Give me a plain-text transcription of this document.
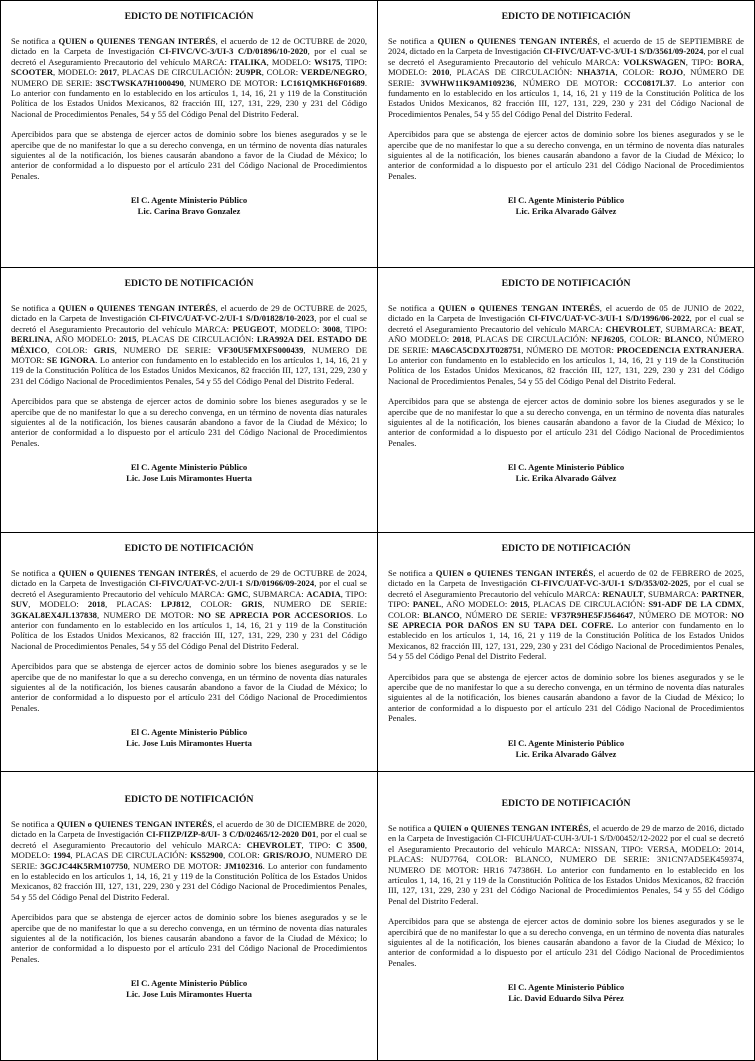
EDICTO DE NOTIFICACIÓN

Se notifica a QUIEN o QUIENES TENGAN INTERÉS, el acuerdo de 12 de OCTUBRE de 2020, dictado en la Carpeta de Investigación CI-FIVC/VC-3/UI-3 C/D/01896/10-2020, por el cual se decretó el Aseguramiento Precautorio del vehículo MARCA: ITALIKA, MODELO: WS175, TIPO: SCOOTER, MODELO: 2017, PLACAS DE CIRCULACIÓN: 2U9PR, COLOR: VERDE/NEGRO, NUMERO DE SERIE: 3SCTWSKA7H1000490, NUMERO DE MOTOR: LC161QMKH6F01689. Lo anterior con fundamento en lo establecido en los artículos 1, 14, 16, 21 y 119 de la Constitución Política de los Estados Unidos Mexicanos, 82 fracción III, 127, 131, 229, 230 y 231 del Código Nacional de Procedimientos Penales, 54 y 55 del Código Penal del Distrito Federal.

Apercibidos para que se abstenga de ejercer actos de dominio sobre los bienes asegurados y se le apercibe que de no manifestar lo que a su derecho convenga, en un término de noventa días naturales siguientes al de la notificación, los bienes causarán abandono a favor de la Ciudad de México; lo anterior de conformidad a lo dispuesto por el artículo 231 del Código Nacional de Procedimientos Penales.

El C. Agente Ministerio Público
Lic. Carina Bravo Gonzalez
EDICTO DE NOTIFICACIÓN

Se notifica a QUIEN o QUIENES TENGAN INTERÉS, el acuerdo de 15 de SEPTIEMBRE de 2024, dictado en la Carpeta de Investigación CI-FIVC/UAT-VC-3/UI-1 S/D/3561/09-2024, por el cual se decretó el Aseguramiento Precautorio del vehículo MARCA: VOLKSWAGEN, TIPO: BORA, MODELO: 2010, PLACAS DE CIRCULACIÓN: NHA371A, COLOR: ROJO, NÚMERO DE SERIE: 3VWHW11K9AM109236, NÚMERO DE MOTOR: CCC0817L37. Lo anterior con fundamento en lo establecido en los artículos 1, 14, 16, 21 y 119 de la Constitución Política de los Estados Unidos Mexicanos, 82 fracción III, 127, 131, 229, 230 y 231 del Código Nacional de Procedimientos Penales, 54 y 55 del Código Penal del Distrito Federal.

Apercibidos para que se abstenga de ejercer actos de dominio sobre los bienes asegurados y se le apercibe que de no manifestar lo que a su derecho convenga, en un término de noventa días naturales siguientes al de la notificación, los bienes causarán abandono a favor de la Ciudad de México; lo anterior de conformidad a lo dispuesto por el artículo 231 del Código Nacional de Procedimientos Penales.

El C. Agente Ministerio Público
Lic. Erika Alvarado Gálvez
EDICTO DE NOTIFICACIÓN

Se notifica a QUIEN o QUIENES TENGAN INTERÉS, el acuerdo de 29 de OCTUBRE de 2025, dictado en la Carpeta de Investigación CI-FIVC/UAT-VC-2/UI-1 S/D/01828/10-2023, por el cual se decretó el Aseguramiento Precautorio del vehículo MARCA: PEUGEOT, MODELO: 3008, TIPO: BERLINA, AÑO MODELO: 2015, PLACAS DE CIRCULACIÓN: LRA992A DEL ESTADO DE MÉXICO, COLOR: GRIS, NUMERO DE SERIE: VF30U5FMXFS000439, NUMERO DE MOTOR: SE IGNORA. Lo anterior con fundamento en lo establecido en los artículos 1, 14, 16, 21 y 119 de la Constitución Política de los Estados Unidos Mexicanos, 82 fracción III, 127, 131, 229, 230 y 231 del Código Nacional de Procedimientos Penales, 54 y 55 del Código Penal del Distrito Federal.

Apercibidos para que se abstenga de ejercer actos de dominio sobre los bienes asegurados y se le apercibe que de no manifestar lo que a su derecho convenga, en un término de noventa días naturales siguientes al de la notificación, los bienes causarán abandono a favor de la Ciudad de México; lo anterior de conformidad a lo dispuesto por el artículo 231 del Código Nacional de Procedimientos Penales.

El C. Agente Ministerio Público
Lic. Jose Luis Miramontes Huerta
EDICTO DE NOTIFICACIÓN

Se notifica a QUIEN o QUIENES TENGAN INTERÉS, el acuerdo de 05 de JUNIO de 2022, dictado en la Carpeta de Investigación CI-FIVC/UAT-VC-3/UI-1 S/D/1996/06-2022, por el cual se decretó el Aseguramiento Precautorio del vehículo MARCA: CHEVROLET, SUBMARCA: BEAT, AÑO MODELO: 2018, PLACAS DE CIRCULACIÓN: NFJ6205, COLOR: BLANCO, NÚMERO DE SERIE: MA6CA5CDXJT028751, NÚMERO DE MOTOR: PROCEDENCIA EXTRANJERA. Lo anterior con fundamento en lo establecido en los artículos 1, 14, 16, 21 y 119 de la Constitución Política de los Estados Unidos Mexicanos, 82 fracción III, 127, 131, 229, 230 y 231 del Código Nacional de Procedimientos Penales, 54 y 55 del Código Penal del Distrito Federal.

Apercibidos para que se abstenga de ejercer actos de dominio sobre los bienes asegurados y se le apercibe que de no manifestar lo que a su derecho convenga, en un término de noventa días naturales siguientes al de la notificación, los bienes causarán abandono a favor de la Ciudad de México; lo anterior de conformidad a lo dispuesto por el artículo 231 del Código Nacional de Procedimientos Penales.

El C. Agente Ministerio Público
Lic. Erika Alvarado Gálvez
EDICTO DE NOTIFICACIÓN

Se notifica a QUIEN o QUIENES TENGAN INTERÉS, el acuerdo de 29 de OCTUBRE de 2024, dictado en la Carpeta de Investigación CI-FIVC/UAT-VC-2/UI-1 S/D/01966/09-2024, por el cual se decretó el Aseguramiento Precautorio del vehículo MARCA: GMC, SUBMARCA: ACADIA, TIPO: SUV, MODELO: 2018, PLACAS: LPJ812, COLOR: GRIS, NUMERO DE SERIE: 3GKAL8EX4JL137838, NUMERO DE MOTOR: NO SE APRECIA POR ACCESORIOS. Lo anterior con fundamento en lo establecido en los artículos 1, 14, 16, 21 y 119 de la Constitución Política de los Estados Unidos Mexicanos, 82 fracción III, 127, 131, 229, 230 y 231 del Código Nacional de Procedimientos Penales, 54 y 55 del Código Penal del Distrito Federal.

Apercibidos para que se abstenga de ejercer actos de dominio sobre los bienes asegurados y se le apercibe que de no manifestar lo que a su derecho convenga, en un término de noventa días naturales siguientes al de la notificación, los bienes causarán abandono a favor de la Ciudad de México; lo anterior de conformidad a lo dispuesto por el artículo 231 del Código Nacional de Procedimientos Penales.

El C. Agente Ministerio Público
Lic. Jose Luis Miramontes Huerta
EDICTO DE NOTIFICACIÓN

Se notifica a QUIEN o QUIENES TENGAN INTERÉS, el acuerdo de 02 de FEBRERO de 2025, dictado en la Carpeta de Investigación CI-FIVC/UAT-VC-3/UI-1 S/D/353/02-2025, por el cual se decretó el Aseguramiento Precautorio del vehículo MARCA: RENAULT, SUBMARCA: PARTNER, TIPO: PANEL, AÑO MODELO: 2015, PLACAS DE CIRCULACIÓN: S91-ADF DE LA CDMX, COLOR: BLANCO, NÚMERO DE SERIE: VF37R9HE5FJ564647, NÚMERO DE MOTOR: NO SE APRECIA POR DAÑOS EN SU TAPA DEL COFRE. Lo anterior con fundamento en lo establecido en los artículos 1, 14, 16, 21 y 119 de la Constitución Política de los Estados Unidos Mexicanos, 82 fracción III, 127, 131, 229, 230 y 231 del Código Nacional de Procedimientos Penales, 54 y 55 del Código Penal del Distrito Federal.

Apercibidos para que se abstenga de ejercer actos de dominio sobre los bienes asegurados y se le apercibe que de no manifestar lo que a su derecho convenga, en un término de noventa días naturales siguientes al de la notificación, los bienes causarán abandono a favor de la Ciudad de México; lo anterior de conformidad a lo dispuesto por el artículo 231 del Código Nacional de Procedimientos Penales.

El C. Agente Ministerio Público
Lic. Erika Alvarado Gálvez
EDICTO DE NOTIFICACIÓN

Se notifica a QUIEN o QUIENES TENGAN INTERÉS, el acuerdo de 30 de DICIEMBRE de 2020, dictado en la Carpeta de Investigación CI-FIIZP/IZP-8/UI- 3 C/D/02465/12-2020 D01, por el cual se decretó el Aseguramiento Precautorio del vehículo MARCA: CHEVROLET, TIPO: C 3500, MODELO: 1994, PLACAS DE CIRCULACIÓN: KS52900, COLOR: GRIS/ROJO, NUMERO DE SERIE: 3GCJC44K5RM107750, NUMERO DE MOTOR: JM102316. Lo anterior con fundamento en lo establecido en los artículos 1, 14, 16, 21 y 119 de la Constitución Política de los Estados Unidos Mexicanos, 82 fracción III, 127, 131, 229, 230 y 231 del Código Nacional de Procedimientos Penales, 54 y 55 del Código Penal del Distrito Federal.

Apercibidos para que se abstenga de ejercer actos de dominio sobre los bienes asegurados y se le apercibe que de no manifestar lo que a su derecho convenga, en un término de noventa días naturales siguientes al de la notificación, los bienes causarán abandono a favor de la Ciudad de México; lo anterior de conformidad a lo dispuesto por el artículo 231 del Código Nacional de Procedimientos Penales.

El C. Agente Ministerio Público
Lic. Jose Luis Miramontes Huerta
EDICTO DE NOTIFICACIÓN

Se notifica a QUIEN o QUIENES TENGAN INTERÉS, el acuerdo de 29 de marzo de 2016, dictado en la Carpeta de Investigación CI-FICUH/UAT-CUH-3/UI-1 S/D/00452/12-2022 por el cual se decretó el Aseguramiento Precautorio del vehículo MARCA: NISSAN, TIPO: VERSA, MODELO: 2014, PLACAS: NUD7764, COLOR: BLANCO, NUMERO DE SERIE: 3N1CN7AD5EK459374, NUMERO DE MOTOR: HR16 747386H. Lo anterior con fundamento en lo establecido en los artículos 1, 14, 16, 21 y 119 de la Constitución Política de los Estados Unidos Mexicanos, 82 fracción III, 127, 131, 229, 230 y 231 del Código Nacional de Procedimientos Penales, 54 y 55 del Código Penal del Distrito Federal.

Apercibidos para que se abstenga de ejercer actos de dominio sobre los bienes asegurados y se le apercibirá que de no manifestar lo que a su derecho convenga, en un término de noventa días naturales siguientes al de la notificación, los bienes causarán abandono a favor de la Ciudad de México; lo anterior de conformidad a lo dispuesto por el artículo 231 del Código Nacional de Procedimientos Penales.

El C. Agente Ministerio Público
Lic. David Eduardo Silva Pérez
